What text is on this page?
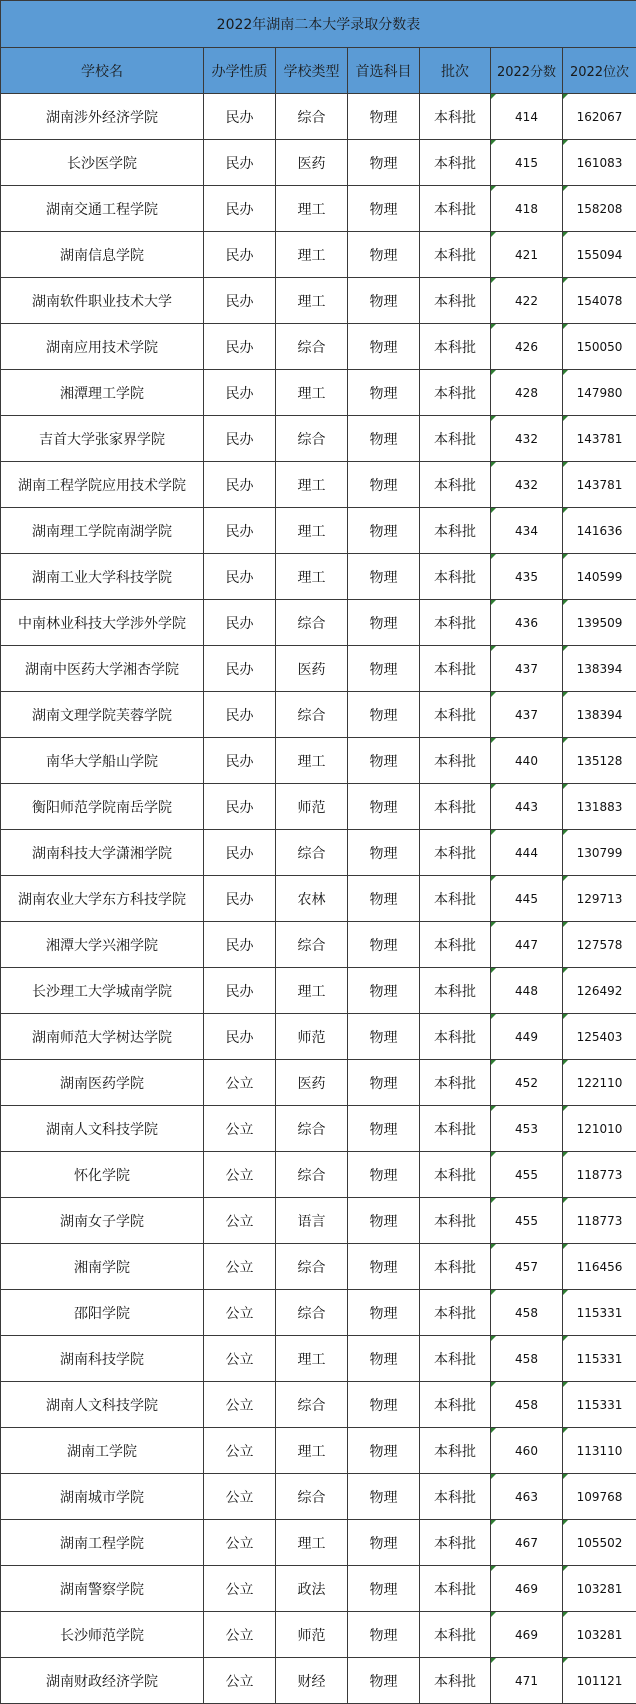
2022年湖南二本大学录取分数表						
学校名	办学性质	学校类型	首选科目	批次	2022分数	2022位次
湖南涉外经济学院	民办	综合	物理	本科批	414	162067
长沙医学院	民办	医药	物理	本科批	415	161083
湖南交通工程学院	民办	理工	物理	本科批	418	158208
湖南信息学院	民办	理工	物理	本科批	421	155094
湖南软件职业技术大学	民办	理工	物理	本科批	422	154078
湖南应用技术学院	民办	综合	物理	本科批	426	150050
湘潭理工学院	民办	理工	物理	本科批	428	147980
吉首大学张家界学院	民办	综合	物理	本科批	432	143781
湖南工程学院应用技术学院	民办	理工	物理	本科批	432	143781
湖南理工学院南湖学院	民办	理工	物理	本科批	434	141636
湖南工业大学科技学院	民办	理工	物理	本科批	435	140599
中南林业科技大学涉外学院	民办	综合	物理	本科批	436	139509
湖南中医药大学湘杏学院	民办	医药	物理	本科批	437	138394
湖南文理学院芙蓉学院	民办	综合	物理	本科批	437	138394
南华大学船山学院	民办	理工	物理	本科批	440	135128
衡阳师范学院南岳学院	民办	师范	物理	本科批	443	131883
湖南科技大学潇湘学院	民办	综合	物理	本科批	444	130799
湖南农业大学东方科技学院	民办	农林	物理	本科批	445	129713
湘潭大学兴湘学院	民办	综合	物理	本科批	447	127578
长沙理工大学城南学院	民办	理工	物理	本科批	448	126492
湖南师范大学树达学院	民办	师范	物理	本科批	449	125403
湖南医药学院	公立	医药	物理	本科批	452	122110
湖南人文科技学院	公立	综合	物理	本科批	453	121010
怀化学院	公立	综合	物理	本科批	455	118773
湖南女子学院	公立	语言	物理	本科批	455	118773
湘南学院	公立	综合	物理	本科批	457	116456
邵阳学院	公立	综合	物理	本科批	458	115331
湖南科技学院	公立	理工	物理	本科批	458	115331
湖南人文科技学院	公立	综合	物理	本科批	458	115331
湖南工学院	公立	理工	物理	本科批	460	113110
湖南城市学院	公立	综合	物理	本科批	463	109768
湖南工程学院	公立	理工	物理	本科批	467	105502
湖南警察学院	公立	政法	物理	本科批	469	103281
长沙师范学院	公立	师范	物理	本科批	469	103281
湖南财政经济学院	公立	财经	物理	本科批	471	101121
